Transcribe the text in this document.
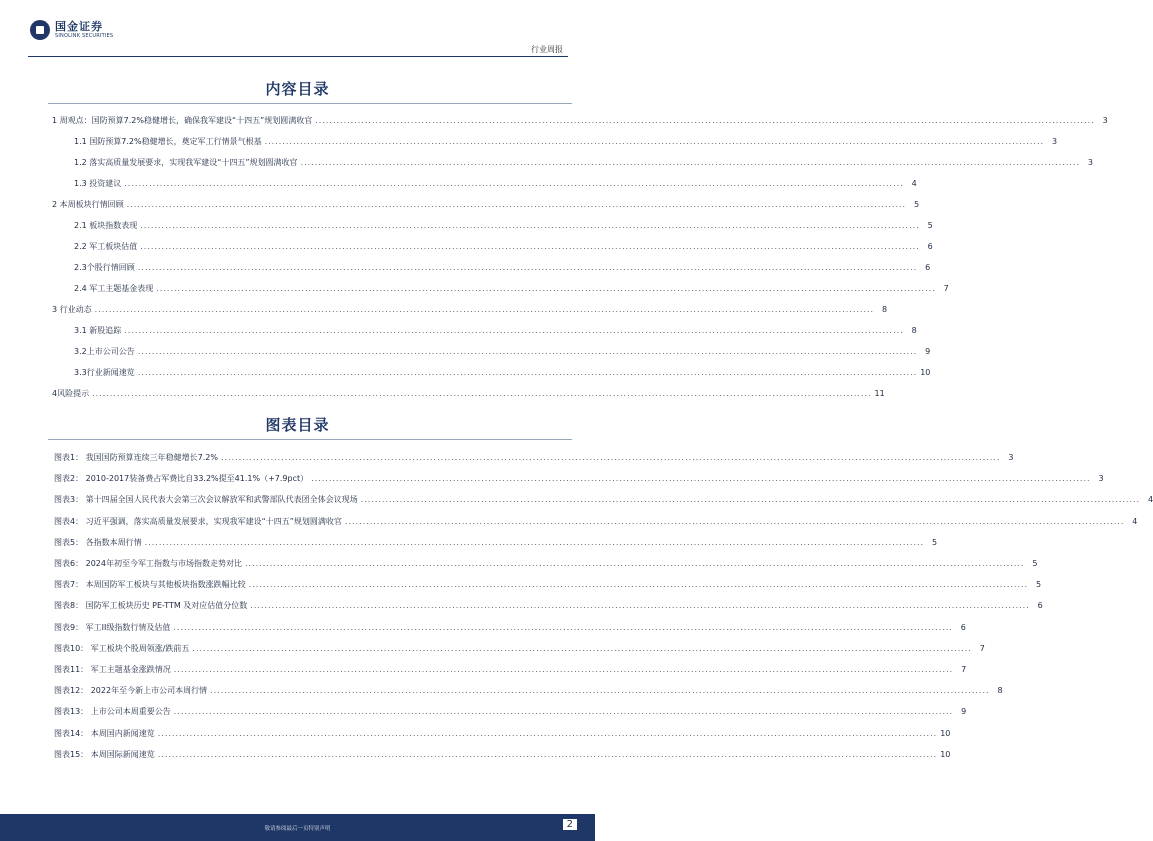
国金证券
SINOLINK SECURITIES
行业周报
内容目录
1 周观点：国防预算7.2%稳健增长，确保我军建设“十四五”规划圆满收官 ............................................................................................................................................................................................................................ 3
1.1 国防预算7.2%稳健增长，奠定军工行情景气根基 ............................................................................................................................................................................................................................ 3
1.2 落实高质量发展要求，实现我军建设“十四五”规划圆满收官 ............................................................................................................................................................................................................................ 3
1.3 投资建议 ............................................................................................................................................................................................................................ 4
2 本周板块行情回顾 ............................................................................................................................................................................................................................ 5
2.1 板块指数表现 ............................................................................................................................................................................................................................ 5
2.2 军工板块估值 ............................................................................................................................................................................................................................ 6
2.3个股行情回顾 ............................................................................................................................................................................................................................ 6
2.4 军工主题基金表现 ............................................................................................................................................................................................................................ 7
3 行业动态 ............................................................................................................................................................................................................................ 8
3.1 新股追踪 ............................................................................................................................................................................................................................ 8
3.2上市公司公告 ............................................................................................................................................................................................................................ 9
3.3行业新闻速览 ............................................................................................................................................................................................................................ 10
4风险提示 ............................................................................................................................................................................................................................ 11
图表目录
图表1： 我国国防预算连续三年稳健增长7.2% ............................................................................................................................................................................................................................ 3
图表2： 2010-2017装备费占军费比自33.2%提至41.1%（+7.9pct） ............................................................................................................................................................................................................................ 3
图表3： 第十四届全国人民代表大会第三次会议解放军和武警部队代表团全体会议现场 ............................................................................................................................................................................................................................ 4
图表4： 习近平强调，落实高质量发展要求，实现我军建设“十四五”规划圆满收官 ............................................................................................................................................................................................................................ 4
图表5： 各指数本周行情 ............................................................................................................................................................................................................................ 5
图表6： 2024年初至今军工指数与市场指数走势对比 ............................................................................................................................................................................................................................ 5
图表7： 本周国防军工板块与其他板块指数涨跌幅比较 ............................................................................................................................................................................................................................ 5
图表8： 国防军工板块历史 PE-TTM 及对应估值分位数 ............................................................................................................................................................................................................................ 6
图表9： 军工II级指数行情及估值 ............................................................................................................................................................................................................................ 6
图表10： 军工板块个股周领涨/跌前五 ............................................................................................................................................................................................................................ 7
图表11： 军工主题基金涨跌情况 ............................................................................................................................................................................................................................ 7
图表12： 2022年至今新上市公司本周行情 ............................................................................................................................................................................................................................ 8
图表13： 上市公司本周重要公告 ............................................................................................................................................................................................................................ 9
图表14： 本周国内新闻速览 ............................................................................................................................................................................................................................ 10
图表15： 本周国际新闻速览 ............................................................................................................................................................................................................................ 10
敬请参阅最后一页特别声明	2
